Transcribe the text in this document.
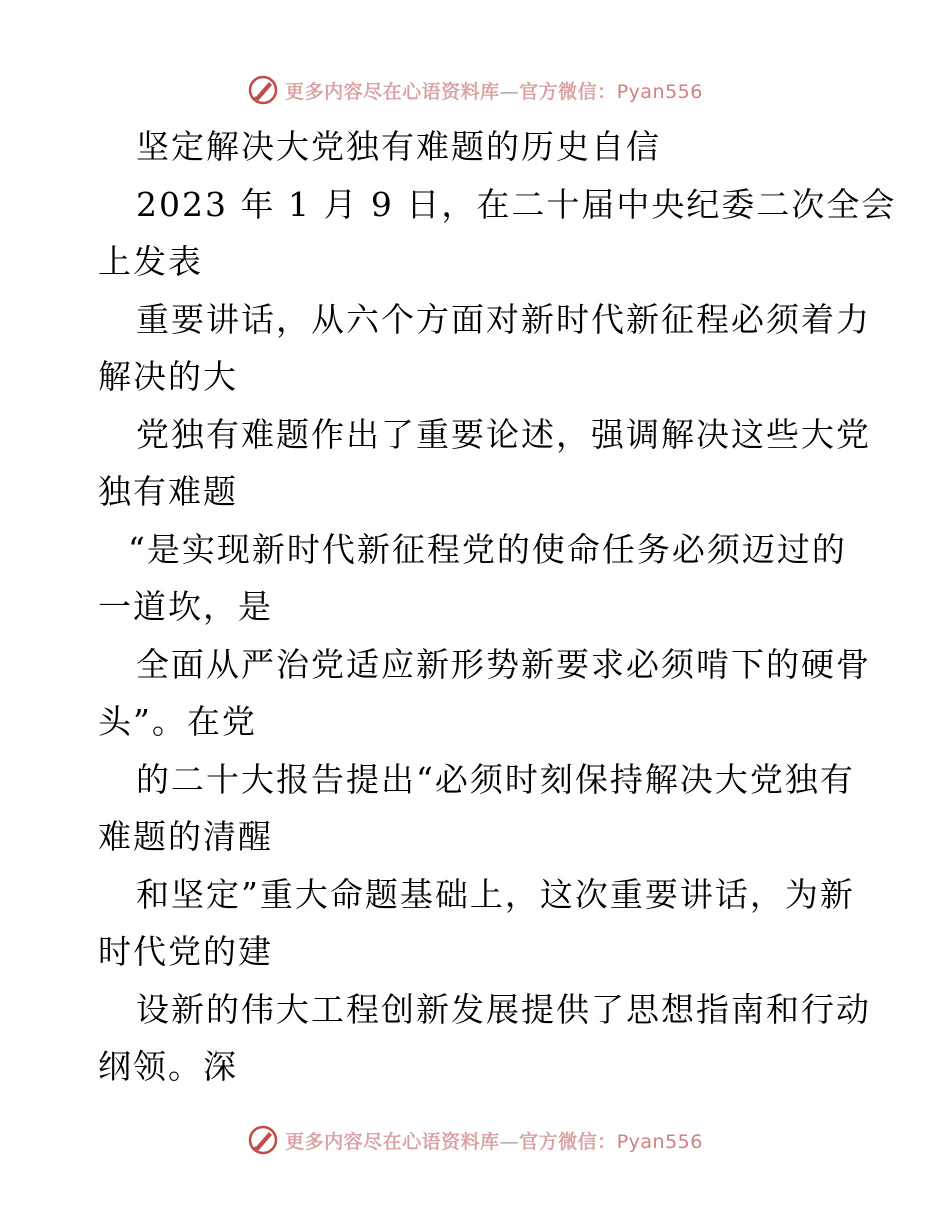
更多内容尽在心语资料库—官方微信：Pyan556
坚定解决大党独有难题的历史自信
2023 年 1 月 9 日，在二十届中央纪委二次全会
上发表
重要讲话，从六个方面对新时代新征程必须着力
解决的大
党独有难题作出了重要论述，强调解决这些大党
独有难题
“是实现新时代新征程党的使命任务必须迈过的
一道坎，是
全面从严治党适应新形势新要求必须啃下的硬骨
头”。在党
的二十大报告提出“必须时刻保持解决大党独有
难题的清醒
和坚定”重大命题基础上，这次重要讲话，为新
时代党的建
设新的伟大工程创新发展提供了思想指南和行动
纲领。深
更多内容尽在心语资料库—官方微信：Pyan556
